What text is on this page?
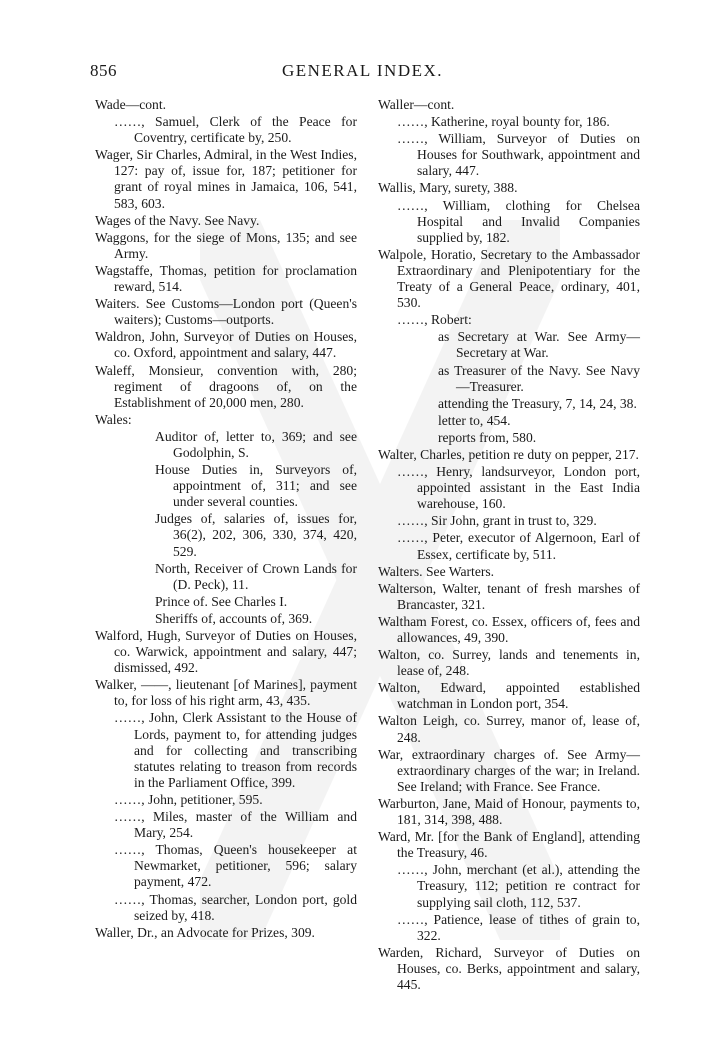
856	GENERAL INDEX.

Wade—cont.

……, Samuel, Clerk of the Peace for Coventry, certificate by, 250.

Wager, Sir Charles, Admiral, in the West Indies, 127: pay of, issue for, 187; petitioner for grant of royal mines in Jamaica, 106, 541, 583, 603.

Wages of the Navy. See Navy.

Waggons, for the siege of Mons, 135; and see Army.

Wagstaffe, Thomas, petition for proclamation reward, 514.

Waiters. See Customs—London port (Queen's waiters); Customs—outports.

Waldron, John, Surveyor of Duties on Houses, co. Oxford, appointment and salary, 447.

Waleff, Monsieur, convention with, 280; regiment of dragoons of, on the Establishment of 20,000 men, 280.

Wales:

Auditor of, letter to, 369; and see Godolphin, S.

House Duties in, Surveyors of, appointment of, 311; and see under several counties.

Judges of, salaries of, issues for, 36(2), 202, 306, 330, 374, 420, 529.

North, Receiver of Crown Lands for (D. Peck), 11.

Prince of. See Charles I.

Sheriffs of, accounts of, 369.

Walford, Hugh, Surveyor of Duties on Houses, co. Warwick, appointment and salary, 447; dismissed, 492.

Walker, ——, lieutenant [of Marines], payment to, for loss of his right arm, 43, 435.

……, John, Clerk Assistant to the House of Lords, payment to, for attending judges and for collecting and transcribing statutes relating to treason from records in the Parliament Office, 399.

……, John, petitioner, 595.

……, Miles, master of the William and Mary, 254.

……, Thomas, Queen's housekeeper at Newmarket, petitioner, 596; salary payment, 472.

……, Thomas, searcher, London port, gold seized by, 418.

Waller, Dr., an Advocate for Prizes, 309.

Waller—cont.

……, Katherine, royal bounty for, 186.

……, William, Surveyor of Duties on Houses for Southwark, appointment and salary, 447.

Wallis, Mary, surety, 388.

……, William, clothing for Chelsea Hospital and Invalid Companies supplied by, 182.

Walpole, Horatio, Secretary to the Ambassador Extraordinary and Plenipotentiary for the Treaty of a General Peace, ordinary, 401, 530.

……, Robert:

as Secretary at War. See Army—Secretary at War.

as Treasurer of the Navy. See Navy—Treasurer.

attending the Treasury, 7, 14, 24, 38.

letter to, 454.

reports from, 580.

Walter, Charles, petition re duty on pepper, 217.

……, Henry, landsurveyor, London port, appointed assistant in the East India warehouse, 160.

……, Sir John, grant in trust to, 329.

……, Peter, executor of Algernoon, Earl of Essex, certificate by, 511.

Walters. See Warters.

Walterson, Walter, tenant of fresh marshes of Brancaster, 321.

Waltham Forest, co. Essex, officers of, fees and allowances, 49, 390.

Walton, co. Surrey, lands and tenements in, lease of, 248.

Walton, Edward, appointed established watchman in London port, 354.

Walton Leigh, co. Surrey, manor of, lease of, 248.

War, extraordinary charges of. See Army—extraordinary charges of the war; in Ireland. See Ireland; with France. See France.

Warburton, Jane, Maid of Honour, payments to, 181, 314, 398, 488.

Ward, Mr. [for the Bank of England], attending the Treasury, 46.

……, John, merchant (et al.), attending the Treasury, 112; petition re contract for supplying sail cloth, 112, 537.

……, Patience, lease of tithes of grain to, 322.

Warden, Richard, Surveyor of Duties on Houses, co. Berks, appointment and salary, 445.
